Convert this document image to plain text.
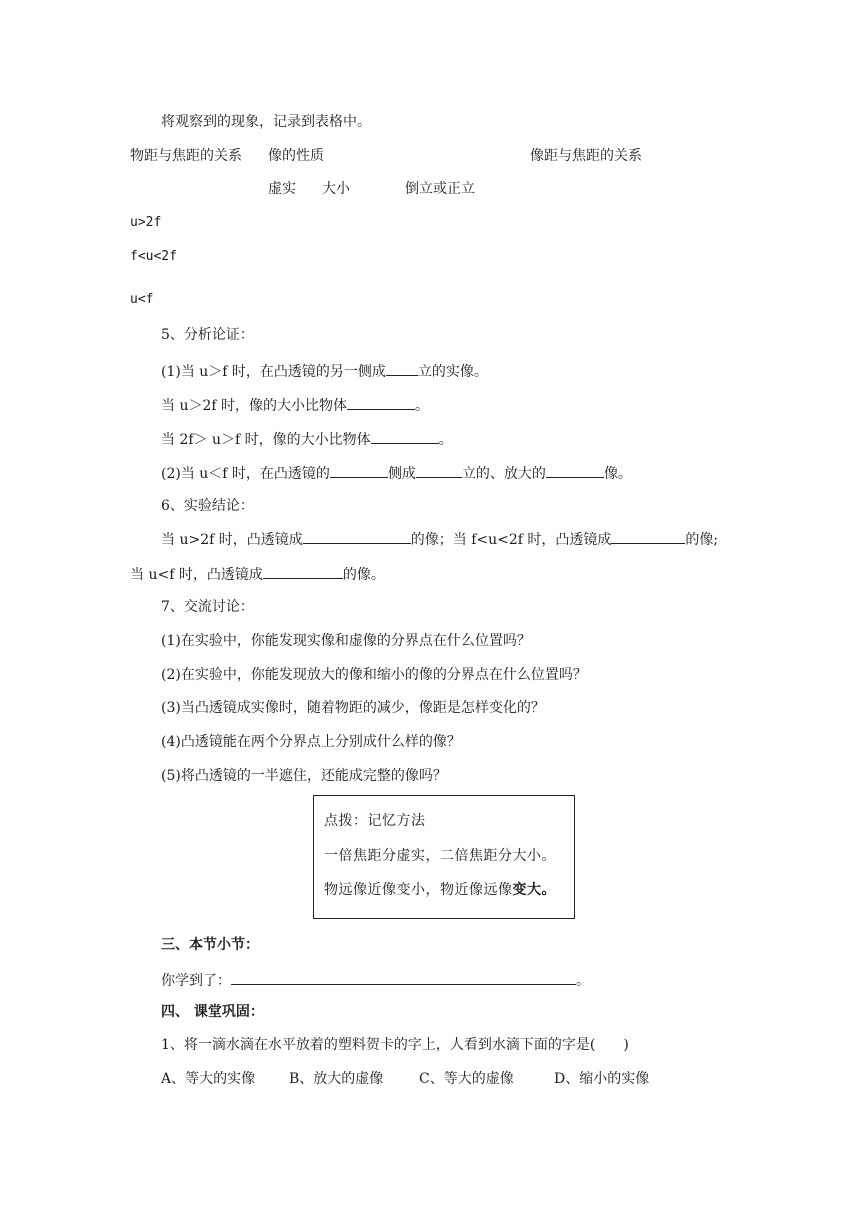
将观察到的现象，记录到表格中。
物距与焦距的关系 像的性质	像距与焦距的关系
虚实 大小	倒立或正立
u>2f
f<u<2f
u<f
5、分析论证：
(1)当 u＞f 时，在凸透镜的另一侧成 立的实像。
当 u＞2f 时，像的大小比物体	。
当 2f＞ u＞f 时，像的大小比物体	。
(2)当 u＜f 时，在凸透镜的	侧成	立的、放大的	像。
6、实验结论：
当 u>2f 时，凸透镜成	的像；当 f<u<2f 时，凸透镜成	的像;
当 u<f 时，凸透镜成	的像。
7、交流讨论：
(1)在实验中，你能发现实像和虚像的分界点在什么位置吗？
(2)在实验中，你能发现放大的像和缩小的像的分界点在什么位置吗？
(3)当凸透镜成实像时，随着物距的减少，像距是怎样变化的？
(4)凸透镜能在两个分界点上分别成什么样的像？
(5)将凸透镜的一半遮住，还能成完整的像吗？
点拨：记忆方法
一倍焦距分虚实，二倍焦距分大小。
物远像近像变小，物近像远像变大。
三、本节小节：
你学到了：	。
四、 课堂巩固：
1、将一滴水滴在水平放着的塑料贺卡的字上，人看到水滴下面的字是(　　)
A、等大的实像 B、放大的虚像	C、等大的虚像	D、缩小的实像
